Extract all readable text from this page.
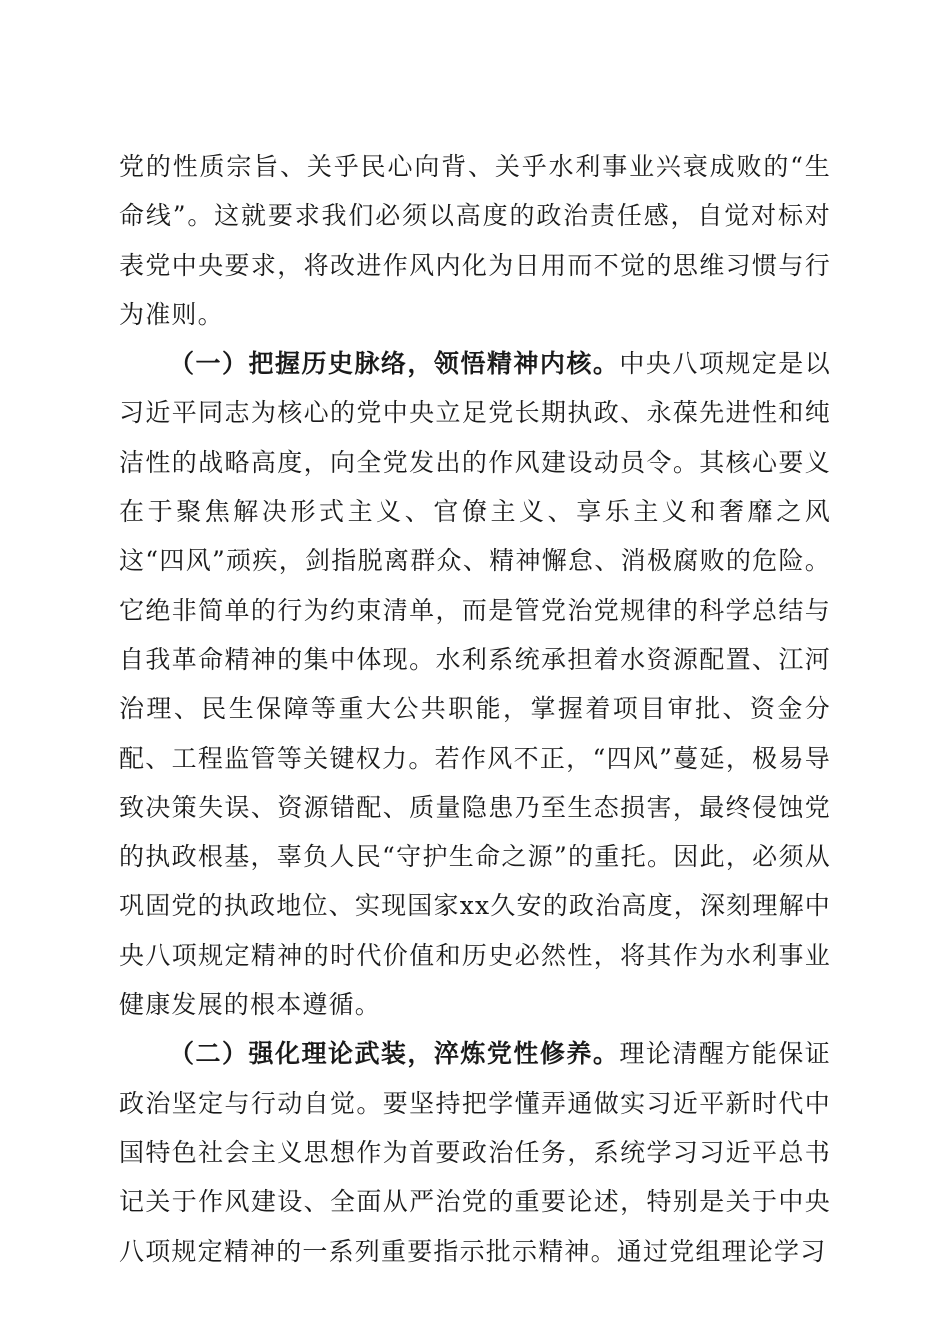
党的性质宗旨、关乎民心向背、关乎水利事业兴衰成败的“生命线”。这就要求我们必须以高度的政治责任感，自觉对标对表党中央要求，将改进作风内化为日用而不觉的思维习惯与行为准则。

（一）把握历史脉络，领悟精神内核。中央八项规定是以习近平同志为核心的党中央立足党长期执政、永葆先进性和纯洁性的战略高度，向全党发出的作风建设动员令。其核心要义在于聚焦解决形式主义、官僚主义、享乐主义和奢靡之风这“四风”顽疾，剑指脱离群众、精神懈怠、消极腐败的危险。它绝非简单的行为约束清单，而是管党治党规律的科学总结与自我革命精神的集中体现。水利系统承担着水资源配置、江河治理、民生保障等重大公共职能，掌握着项目审批、资金分配、工程监管等关键权力。若作风不正，“四风”蔓延，极易导致决策失误、资源错配、质量隐患乃至生态损害，最终侵蚀党的执政根基，辜负人民“守护生命之源”的重托。因此，必须从巩固党的执政地位、实现国家xx久安的政治高度，深刻理解中央八项规定精神的时代价值和历史必然性，将其作为水利事业健康发展的根本遵循。

（二）强化理论武装，淬炼党性修养。理论清醒方能保证政治坚定与行动自觉。要坚持把学懂弄通做实习近平新时代中国特色社会主义思想作为首要政治任务，系统学习习近平总书记关于作风建设、全面从严治党的重要论述，特别是关于中央八项规定精神的一系列重要指示批示精神。通过党组理论学习
